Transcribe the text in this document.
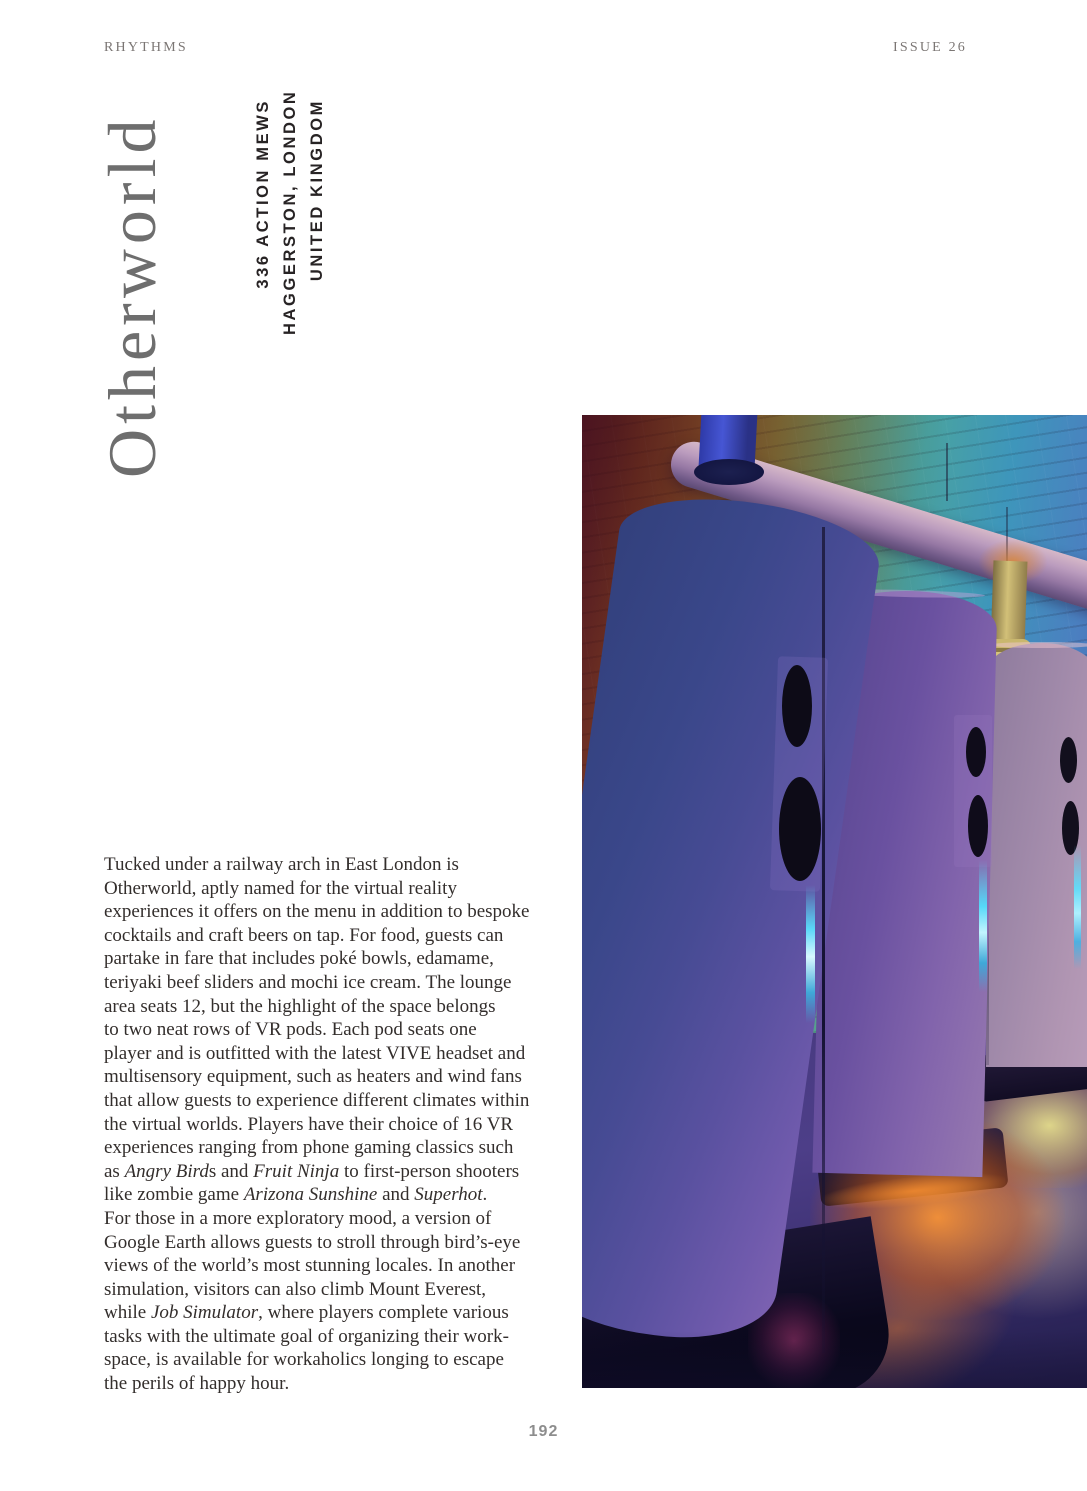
RHYTHMS	ISSUE 26
Otherworld	336 ACTION MEWS HAGGERSTON, LONDON UNITED KINGDOM
Tucked under a railway arch in East London is
Otherworld, aptly named for the virtual reality
experiences it offers on the menu in addition to bespoke
cocktails and craft beers on tap. For food, guests can
partake in fare that includes poké bowls, edamame,
teriyaki beef sliders and mochi ice cream. The lounge
area seats 12, but the highlight of the space belongs
to two neat rows of VR pods. Each pod seats one
player and is outfitted with the latest VIVE headset and
multisensory equipment, such as heaters and wind fans
that allow guests to experience different climates within
the virtual worlds. Players have their choice of 16 VR
experiences ranging from phone gaming classics such
as Angry Birds and Fruit Ninja to first-person shooters
like zombie game Arizona Sunshine and Superhot.
For those in a more exploratory mood, a version of
Google Earth allows guests to stroll through bird’s-eye
views of the world’s most stunning locales. In another
simulation, visitors can also climb Mount Everest,
while Job Simulator, where players complete various
tasks with the ultimate goal of organizing their work-
space, is available for workaholics longing to escape
the perils of happy hour.
192
